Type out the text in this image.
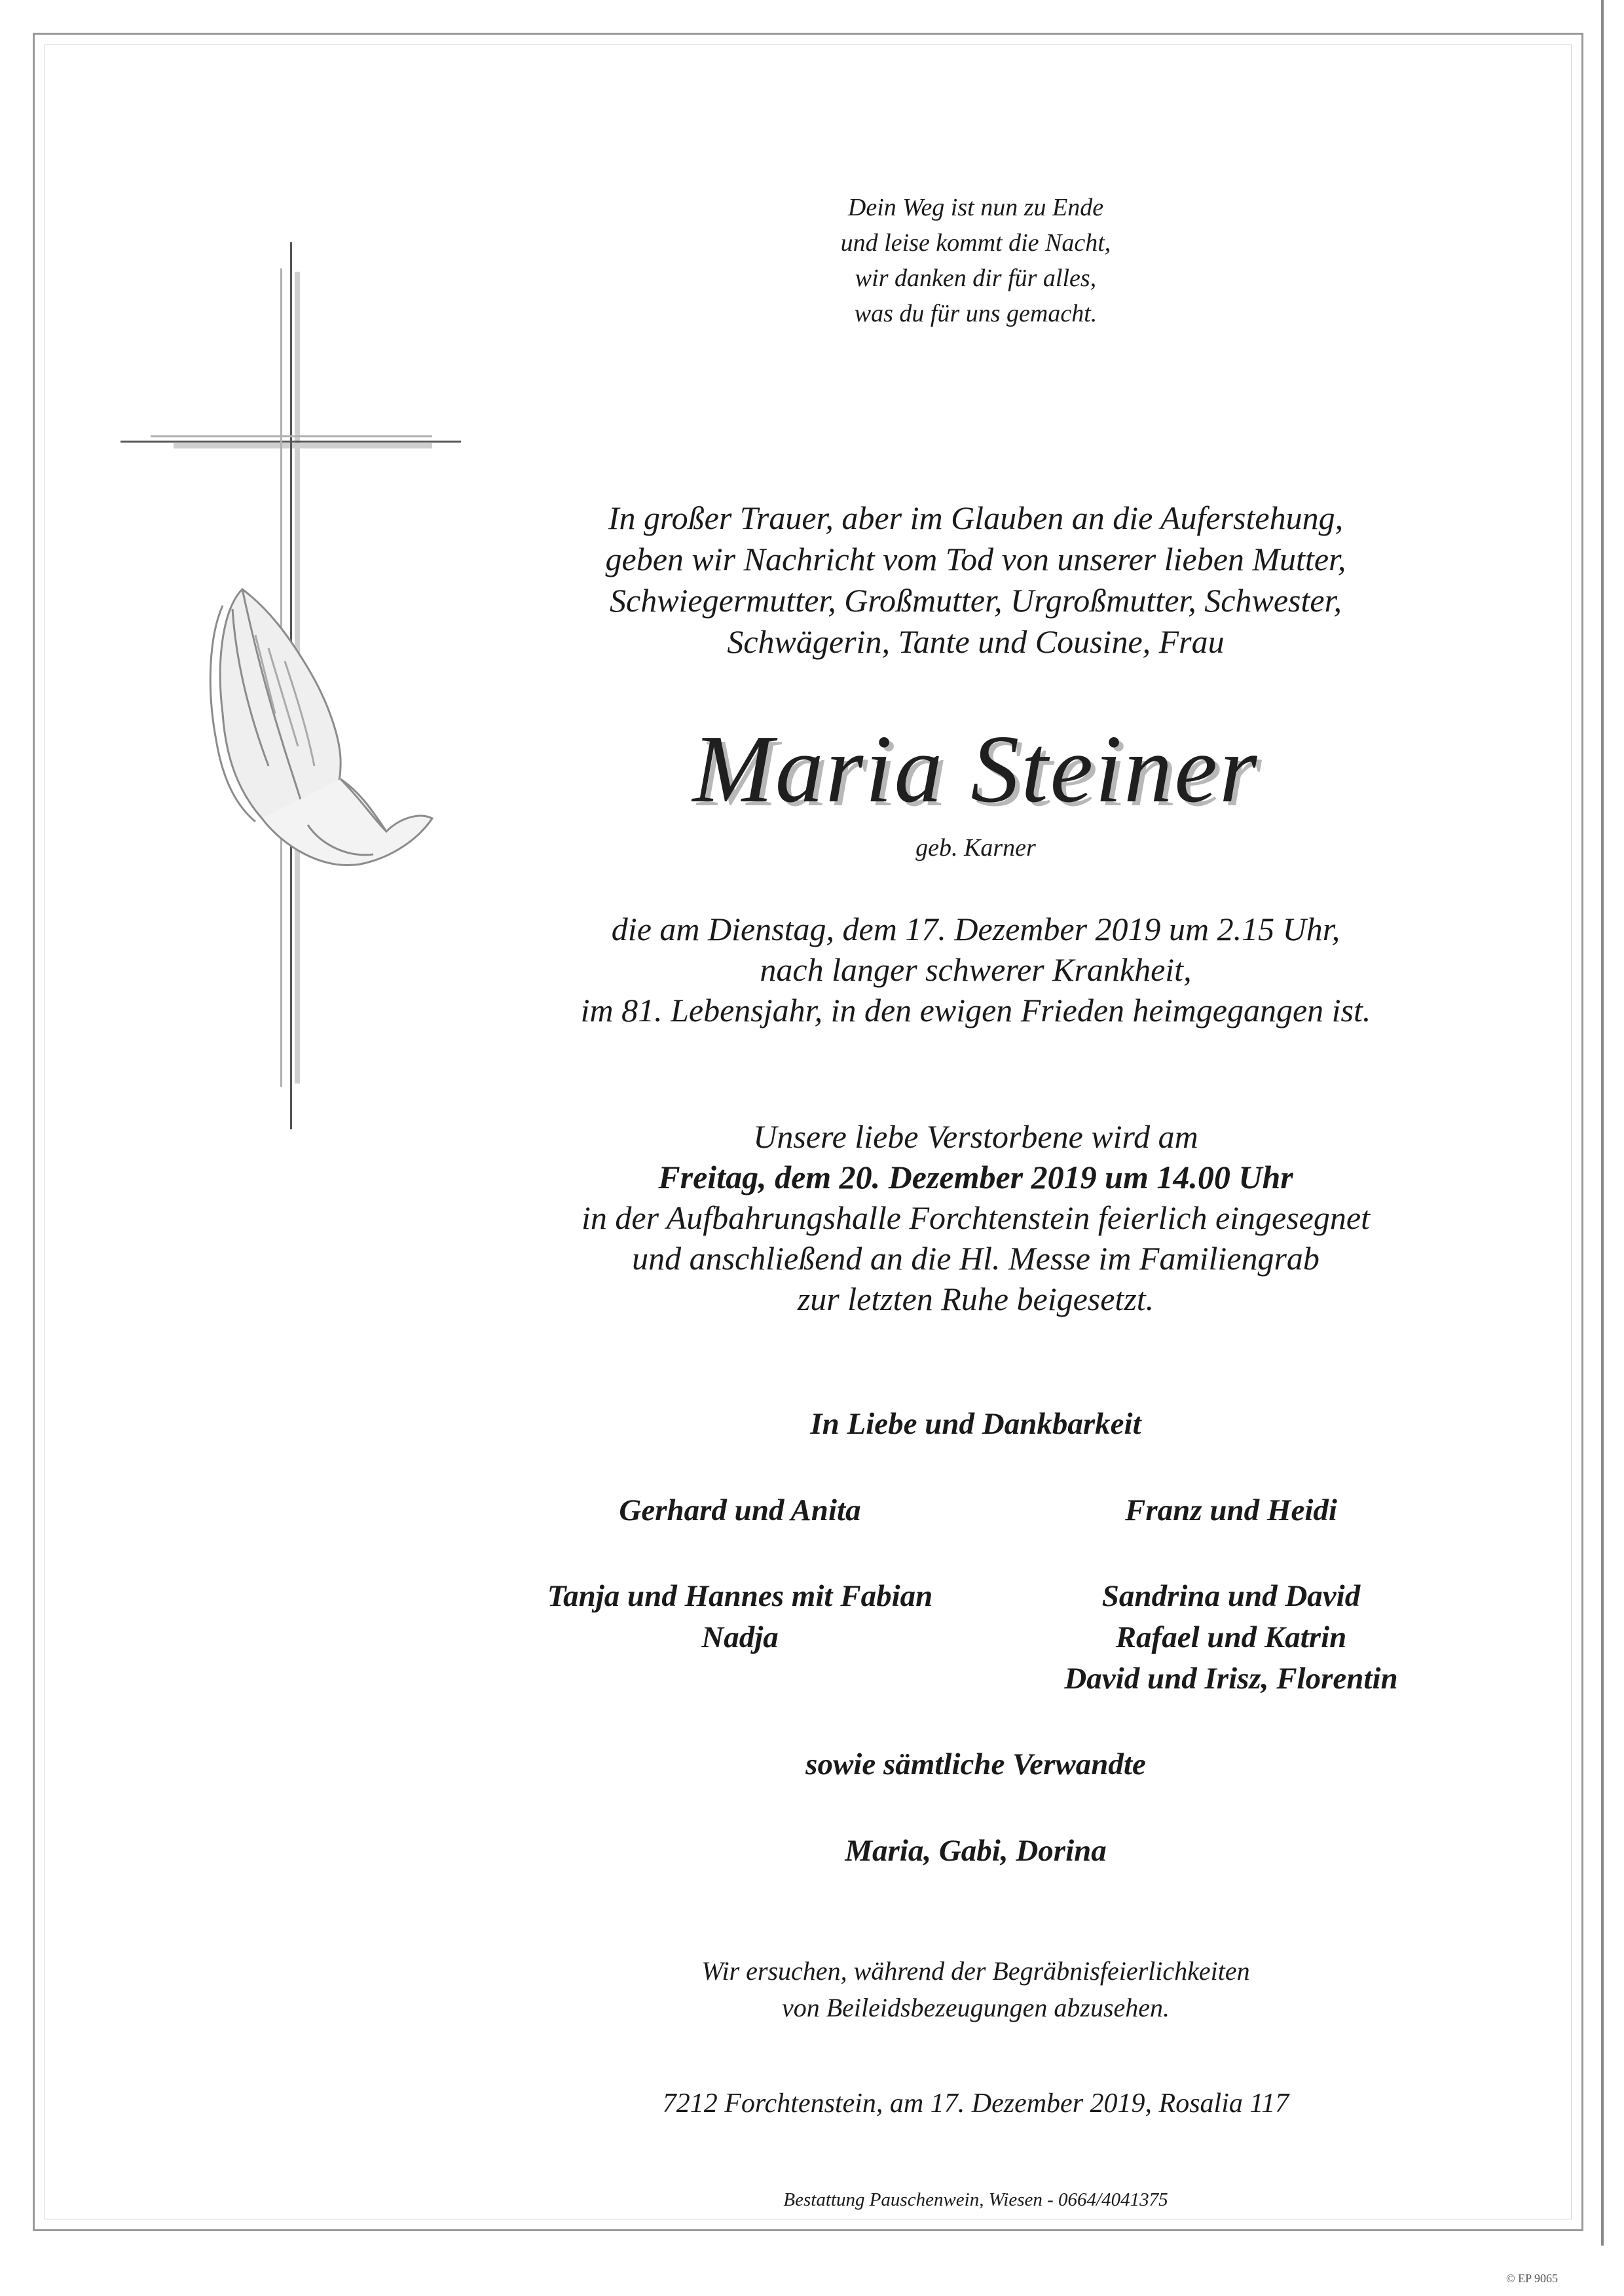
Dein Weg ist nun zu Ende
und leise kommt die Nacht,
wir danken dir für alles,
was du für uns gemacht.
In großer Trauer, aber im Glauben an die Auferstehung,
geben wir Nachricht vom Tod von unserer lieben Mutter,
Schwiegermutter, Großmutter, Urgroßmutter, Schwester,
Schwägerin, Tante und Cousine, Frau
Maria Steiner
geb. Karner
die am Dienstag, dem 17. Dezember 2019 um 2.15 Uhr,
nach langer schwerer Krankheit,
im 81. Lebensjahr, in den ewigen Frieden heimgegangen ist.
Unsere liebe Verstorbene wird am
Freitag, dem 20. Dezember 2019 um 14.00 Uhr
in der Aufbahrungshalle Forchtenstein feierlich eingesegnet
und anschließend an die Hl. Messe im Familiengrab
zur letzten Ruhe beigesetzt.
In Liebe und Dankbarkeit
Gerhard und Anita	Franz und Heidi
Tanja und Hannes mit Fabian
Nadja
Sandrina und David
Rafael und Katrin
David und Irisz, Florentin
sowie sämtliche Verwandte
Maria, Gabi, Dorina
Wir ersuchen, während der Begräbnisfeierlichkeiten
von Beileidsbezeugungen abzusehen.
7212 Forchtenstein, am 17. Dezember 2019, Rosalia 117
Bestattung Pauschenwein, Wiesen - 0664/4041375
© EP 9065
